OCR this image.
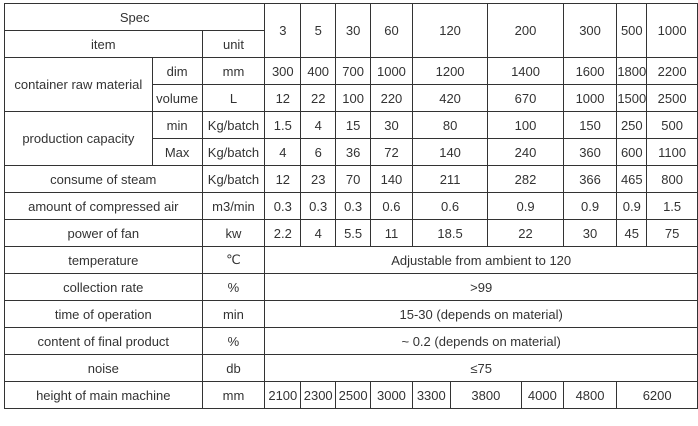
Spec			3	5	30	60	120		200		300	500	1000
item		unit											
container raw material	dim	mm	300	400	700	1000	1200		1400		1600	1800	2200
	volume	L	12	22	100	220	420		670		1000	1500	2500
production capacity	min	Kg/batch	1.5	4	15	30	80		100		150	250	500
	Max	Kg/batch	4	6	36	72	140		240		360	600	1100
consume of steam		Kg/batch	12	23	70	140	211		282		366	465	800
amount of compressed air		m3/min	0.3	0.3	0.3	0.6	0.6		0.9		0.9	0.9	1.5
power of fan		kw	2.2	4	5.5	11	18.5		22		30	45	75
temperature		℃	Adjustable from ambient to 120										
collection rate		%	>99										
time of operation		min	15-30 (depends on material)										
content of final product		%	~ 0.2 (depends on material)										
noise		db	≤75										
height of main machine		mm	2100	2300	2500	3000	3300	3800		4000	4800	6200	
